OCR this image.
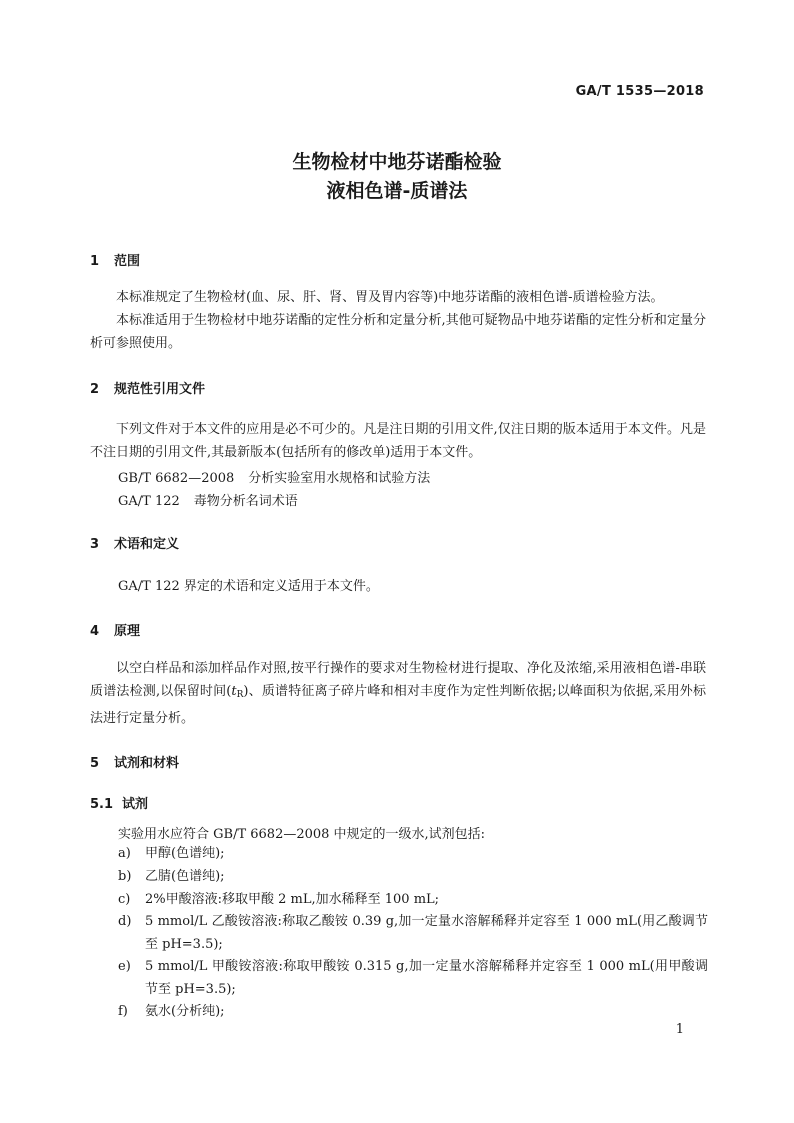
GA/T 1535—2018

生物检材中地芬诺酯检验

液相色谱-质谱法

1 范围

本标准规定了生物检材(血、尿、肝、肾、胃及胃内容等)中地芬诺酯的液相色谱-质谱检验方法。

本标准适用于生物检材中地芬诺酯的定性分析和定量分析,其他可疑物品中地芬诺酯的定性分析和定量分析可参照使用。

2 规范性引用文件

下列文件对于本文件的应用是必不可少的。凡是注日期的引用文件,仅注日期的版本适用于本文件。凡是不注日期的引用文件,其最新版本(包括所有的修改单)适用于本文件。

GB/T 6682—2008 分析实验室用水规格和试验方法
GA/T 122 毒物分析名词术语
3 术语和定义
GA/T 122 界定的术语和定义适用于本文件。
4 原理

以空白样品和添加样品作对照,按平行操作的要求对生物检材进行提取、净化及浓缩,采用液相色谱-串联质谱法检测,以保留时间$(t_R)$、质谱特征离子碎片峰和相对丰度作为定性判断依据;以峰面积为依据,采用外标法进行定量分析。

5 试剂和材料
5.1 试剂
实验用水应符合 GB/T 6682—2008 中规定的一级水,试剂包括:
a) 甲醇(色谱纯);
b) 乙腈(色谱纯);
c) 2%甲酸溶液:移取甲酸 2 mL,加水稀释至 100 mL;
d) 5 mmol/L 乙酸铵溶液:称取乙酸铵 0.39 g,加一定量水溶解稀释并定容至 1 000 mL(用乙酸调节至 pH=3.5);
e) 5 mmol/L 甲酸铵溶液:称取甲酸铵 0.315 g,加一定量水溶解稀释并定容至 1 000 mL(用甲酸调节至 pH=3.5);
f) 氨水(分析纯);
1
